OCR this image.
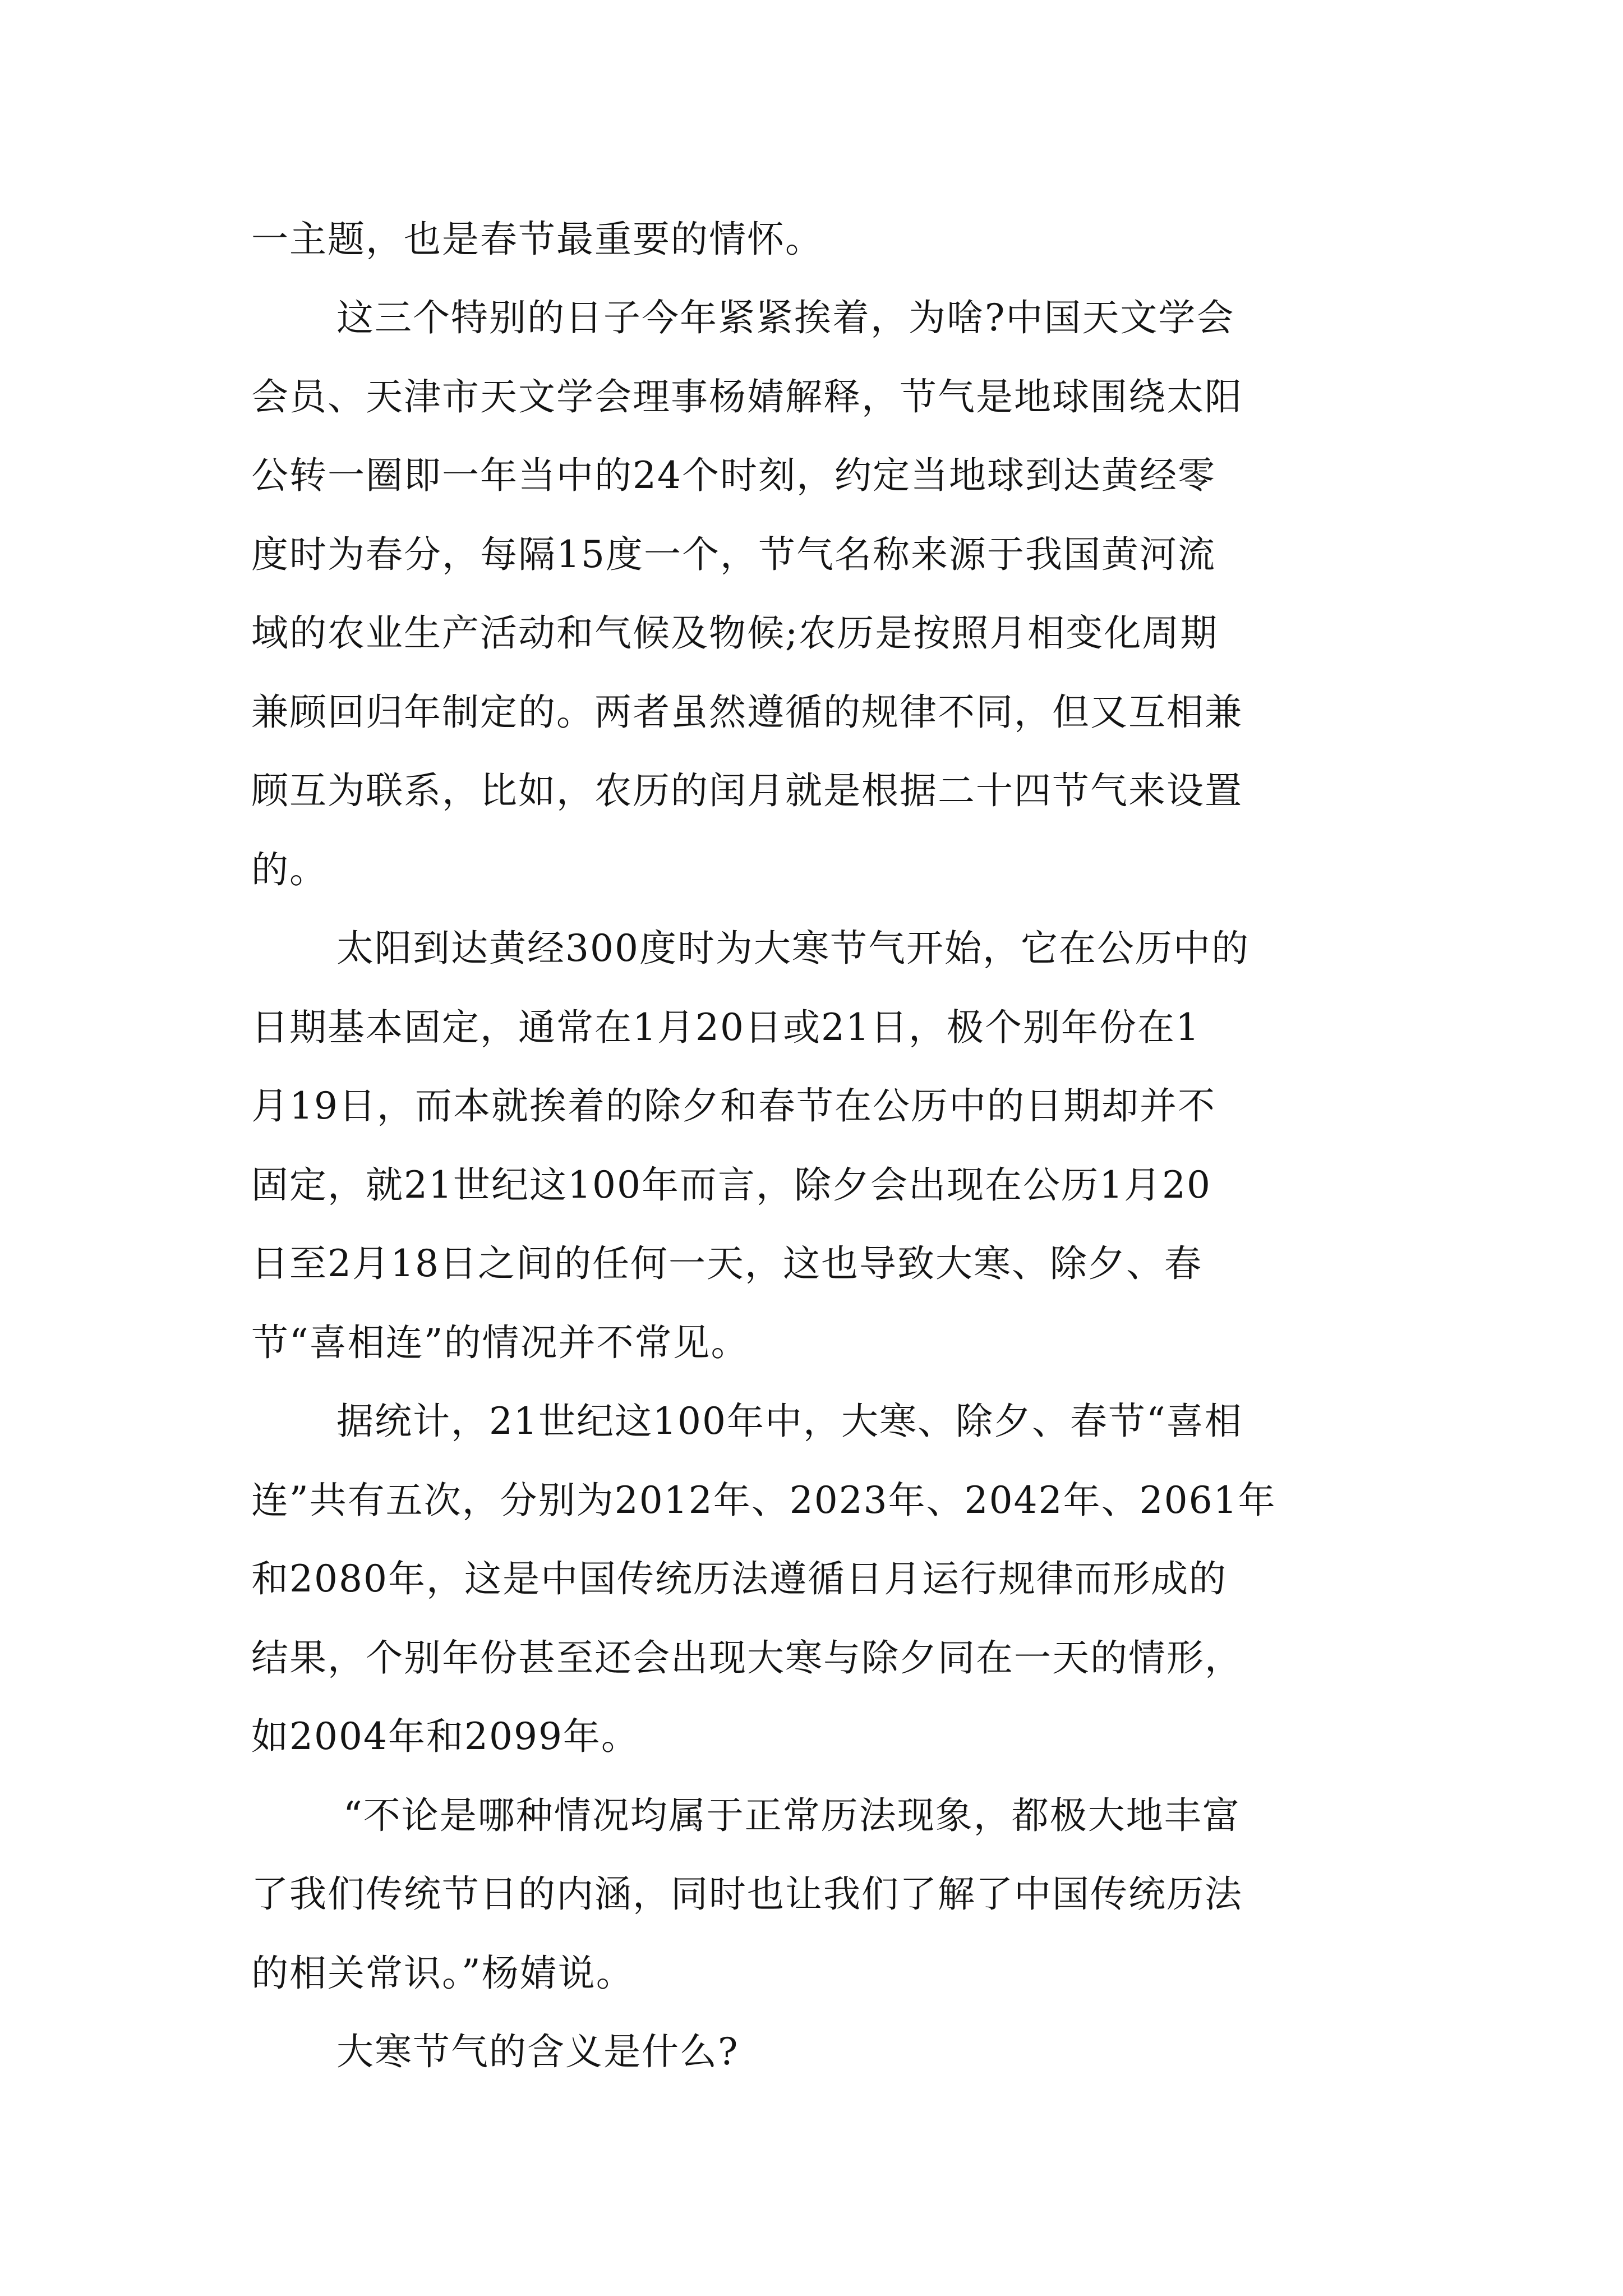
一主题，也是春节最重要的情怀。
这三个特别的日子今年紧紧挨着，为啥?中国天文学会
会员、天津市天文学会理事杨婧解释，节气是地球围绕太阳
公转一圈即一年当中的24个时刻，约定当地球到达黄经零
度时为春分，每隔15度一个，节气名称来源于我国黄河流
域的农业生产活动和气候及物候;农历是按照月相变化周期
兼顾回归年制定的。两者虽然遵循的规律不同，但又互相兼
顾互为联系，比如，农历的闰月就是根据二十四节气来设置
的。
太阳到达黄经300度时为大寒节气开始，它在公历中的
日期基本固定，通常在1月20日或21日，极个别年份在1
月19日，而本就挨着的除夕和春节在公历中的日期却并不
固定，就21世纪这100年而言，除夕会出现在公历1月20
日至2月18日之间的任何一天，这也导致大寒、除夕、春
节“喜相连”的情况并不常见。
据统计，21世纪这100年中，大寒、除夕、春节“喜相
连”共有五次，分别为2012年、2023年、2042年、2061年
和2080年，这是中国传统历法遵循日月运行规律而形成的
结果，个别年份甚至还会出现大寒与除夕同在一天的情形，
如2004年和2099年。
“不论是哪种情况均属于正常历法现象，都极大地丰富
了我们传统节日的内涵，同时也让我们了解了中国传统历法
的相关常识。”杨婧说。
大寒节气的含义是什么?
